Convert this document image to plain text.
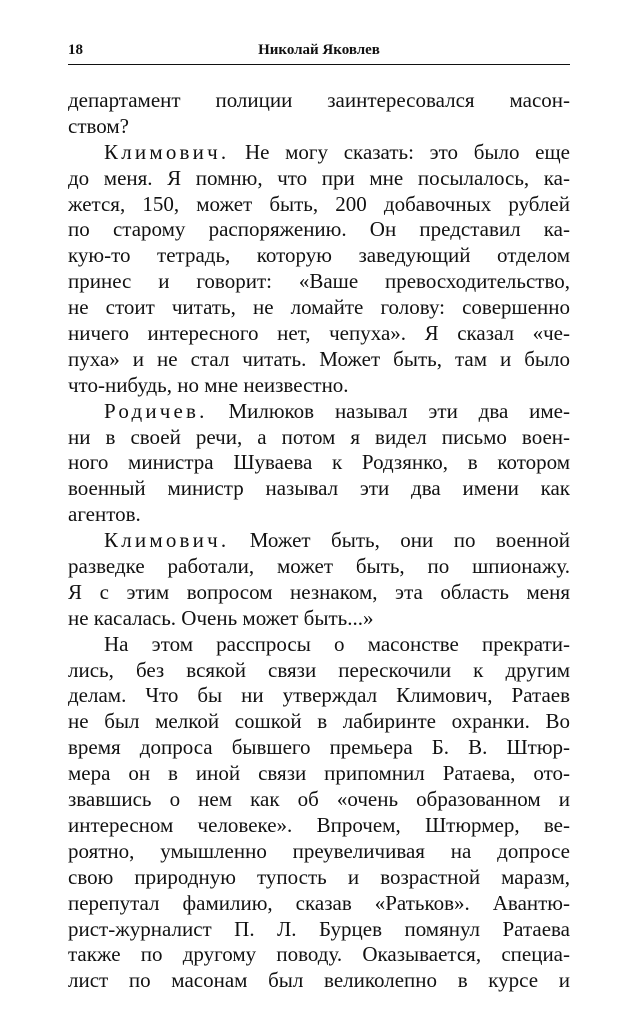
18	Николай Яковлев
департамент полиции заинтересовался масон-
ством?
Климович. Не могу сказать: это было еще
до меня. Я помню, что при мне посылалось, ка-
жется, 150, может быть, 200 добавочных рублей
по старому распоряжению. Он представил ка-
кую-то тетрадь, которую заведующий отделом
принес и говорит: «Ваше превосходительство,
не стоит читать, не ломайте голову: совершенно
ничего интересного нет, чепуха». Я сказал «че-
пуха» и не стал читать. Может быть, там и было
что-нибудь, но мне неизвестно.
Родичев. Милюков называл эти два име-
ни в своей речи, а потом я видел письмо воен-
ного министра Шуваева к Родзянко, в котором
военный министр называл эти два имени как
агентов.
Климович. Может быть, они по военной
разведке работали, может быть, по шпионажу.
Я с этим вопросом незнаком, эта область меня
не касалась. Очень может быть...»
На этом расспросы о масонстве прекрати-
лись, без всякой связи перескочили к другим
делам. Что бы ни утверждал Климович, Ратаев
не был мелкой сошкой в лабиринте охранки. Во
время допроса бывшего премьера Б. В. Штюр-
мера он в иной связи припомнил Ратаева, ото-
звавшись о нем как об «очень образованном и
интересном человеке». Впрочем, Штюрмер, ве-
роятно, умышленно преувеличивая на допросе
свою природную тупость и возрастной маразм,
перепутал фамилию, сказав «Ратьков». Авантю-
рист-журналист П. Л. Бурцев помянул Ратаева
также по другому поводу. Оказывается, специа-
лист по масонам был великолепно в курсе и
